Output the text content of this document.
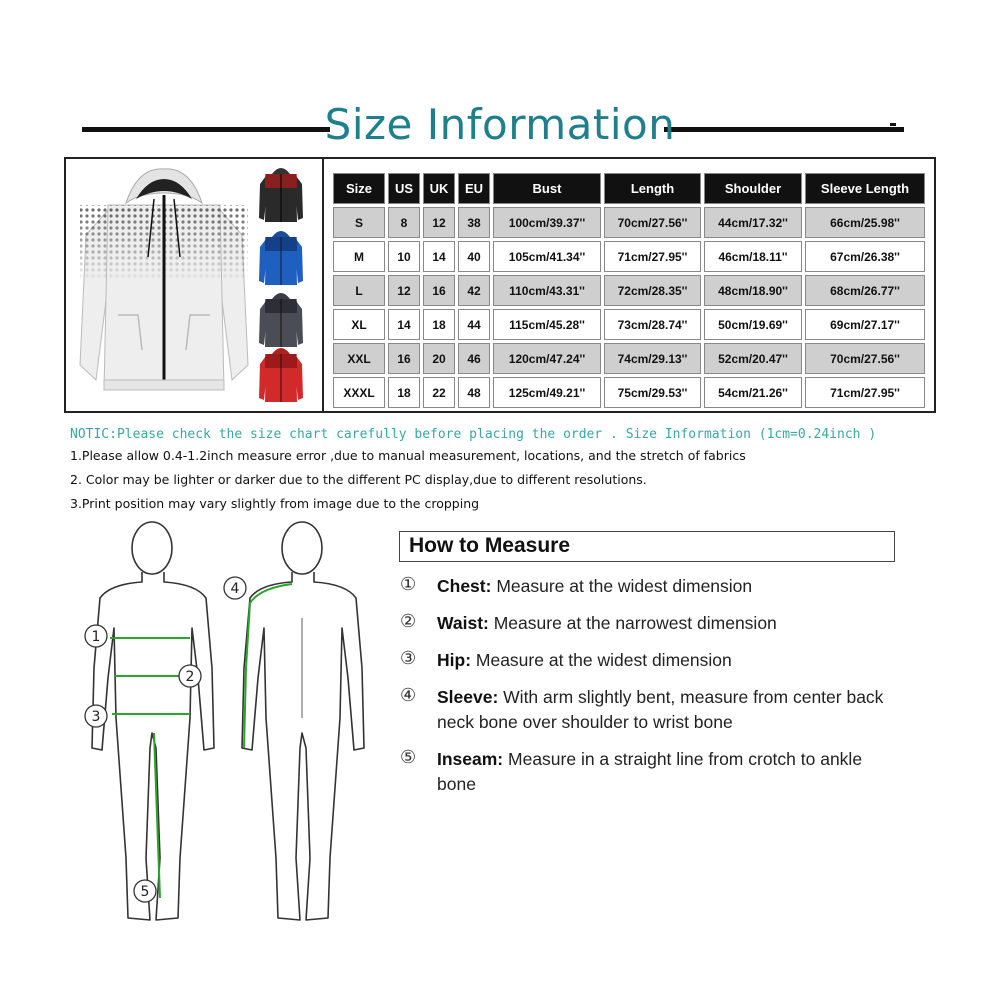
Size Information
Size	US	UK	EU	Bust	Length	Shoulder	Sleeve Length
S	8	12	38	100cm/39.37''	70cm/27.56''	44cm/17.32''	66cm/25.98''
M	10	14	40	105cm/41.34''	71cm/27.95''	46cm/18.11''	67cm/26.38''
L	12	16	42	110cm/43.31''	72cm/28.35''	48cm/18.90''	68cm/26.77''
XL	14	18	44	115cm/45.28''	73cm/28.74''	50cm/19.69''	69cm/27.17''
XXL	16	20	46	120cm/47.24''	74cm/29.13''	52cm/20.47''	70cm/27.56''
XXXL	18	22	48	125cm/49.21''	75cm/29.53''	54cm/21.26''	71cm/27.95''
NOTIC:Please check the size chart carefully before placing the order . Size Information (1cm=0.24inch )
1.Please allow 0.4-1.2inch measure error ,due to manual measurement, locations, and the stretch of fabrics
2. Color may be lighter or darker due to the different PC display,due to different resolutions.
3.Print position may vary slightly from image due to the cropping
1
2
3
4
5
How to Measure
① Chest: Measure at the widest dimension
② Waist: Measure at the narrowest dimension
③ Hip: Measure at the widest dimension
④ Sleeve: With arm slightly bent, measure from center back neck bone over shoulder to wrist bone
⑤ Inseam: Measure in a straight line from crotch to ankle bone
